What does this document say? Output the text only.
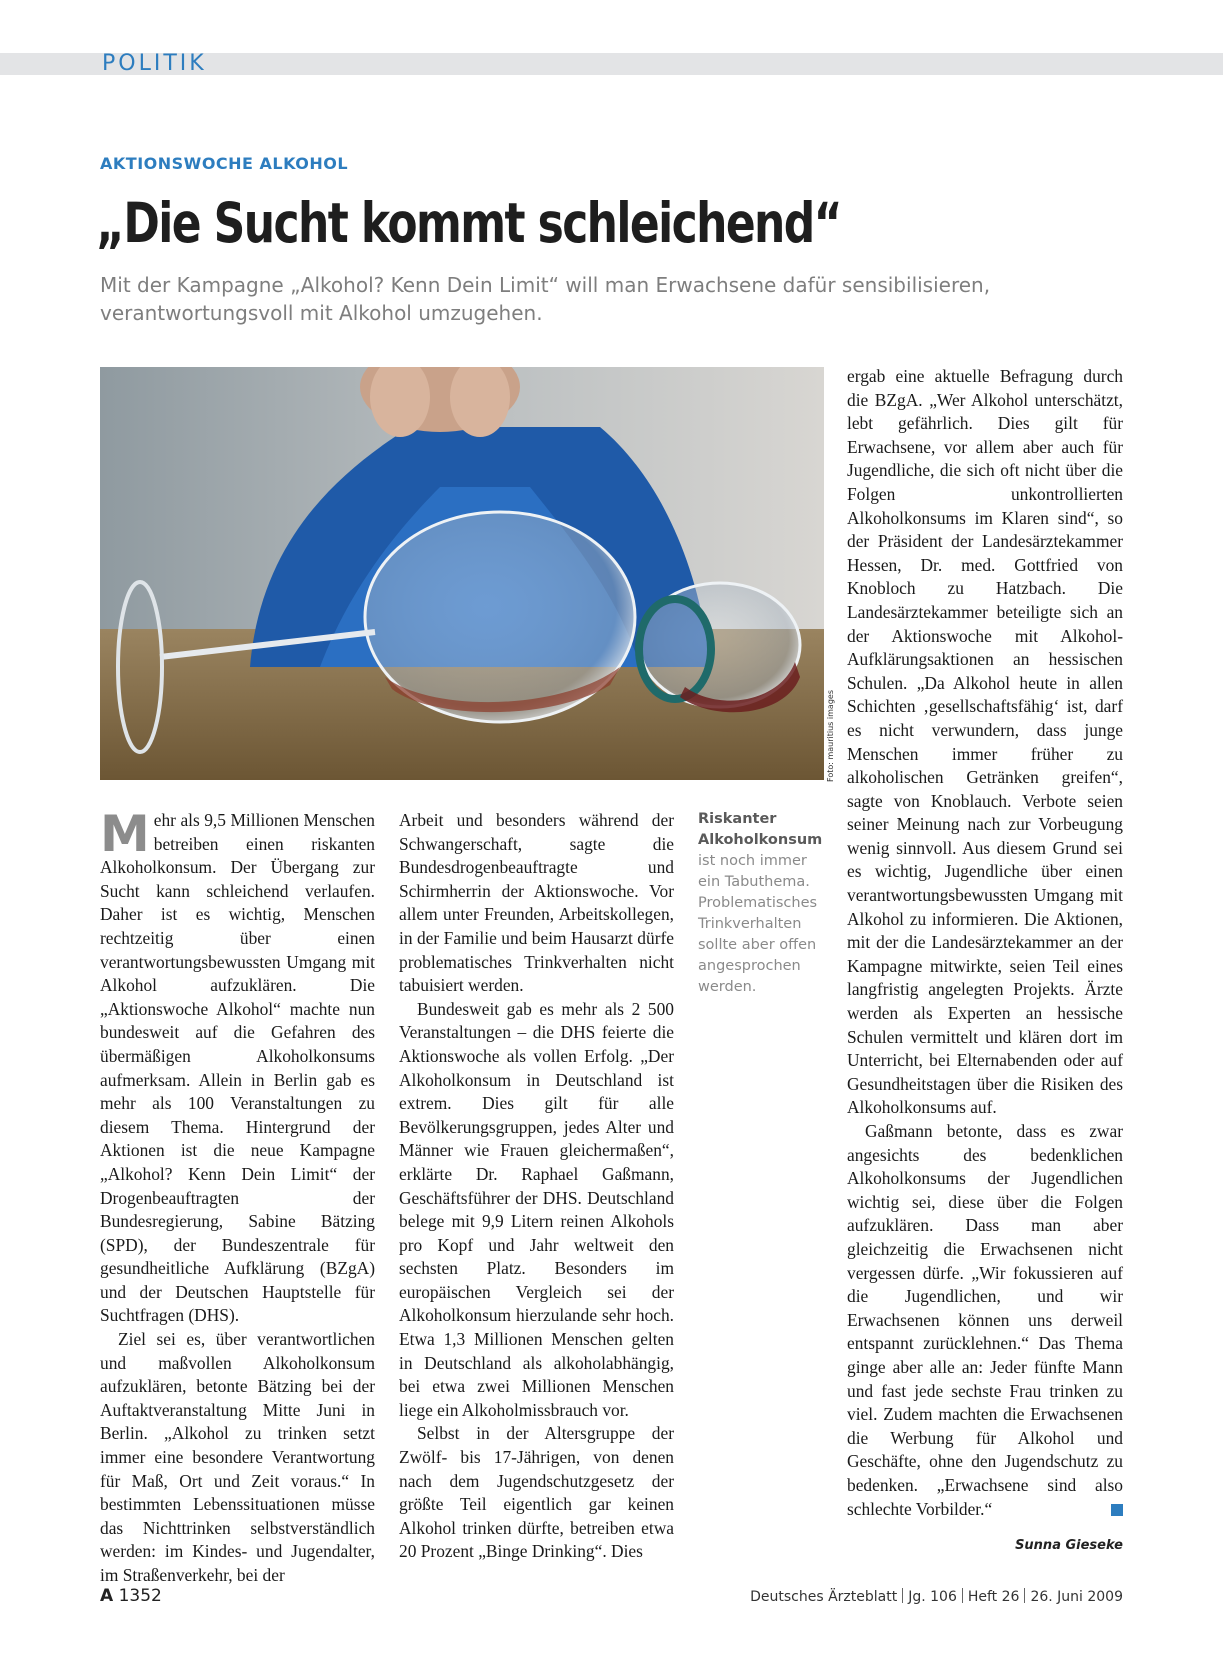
POLITIK
AKTIONSWOCHE ALKOHOL
„Die Sucht kommt schleichend“
Mit der Kampagne „Alkohol? Kenn Dein Limit“ will man Erwachsene dafür sensibilisieren, verantwortungsvoll mit Alkohol umzugehen.
Foto: mauritius images

Mehr als 9,5 Millionen Menschen betreiben einen riskanten Alkoholkonsum. Der Übergang zur Sucht kann schleichend verlaufen. Daher ist es wichtig, Menschen rechtzeitig über einen verantwortungsbewussten Umgang mit Alkohol aufzuklären. Die „Aktionswoche Alkohol“ machte nun bundesweit auf die Gefahren des übermäßigen Alkoholkonsums aufmerksam. Allein in Berlin gab es mehr als 100 Veranstaltungen zu diesem Thema. Hintergrund der Aktionen ist die neue Kampagne „Alkohol? Kenn Dein Limit“ der Drogenbeauftragten der Bundesregierung, Sabine Bätzing (SPD), der Bundeszentrale für gesundheitliche Aufklärung (BZgA) und der Deutschen Hauptstelle für Suchtfragen (DHS).

Ziel sei es, über verantwortlichen und maßvollen Alkoholkonsum aufzuklären, betonte Bätzing bei der Auftaktveranstaltung Mitte Juni in Berlin. „Alkohol zu trinken setzt immer eine besondere Verantwortung für Maß, Ort und Zeit voraus.“ In bestimmten Lebenssituationen müsse das Nichttrinken selbstverständlich werden: im Kindes- und Jugendalter, im Straßenverkehr, bei der

Arbeit und besonders während der Schwangerschaft, sagte die Bundesdrogenbeauftragte und Schirmherrin der Aktionswoche. Vor allem unter Freunden, Arbeitskollegen, in der Familie und beim Hausarzt dürfe problematisches Trinkverhalten nicht tabuisiert werden.

Bundesweit gab es mehr als 2 500 Veranstaltungen – die DHS feierte die Aktionswoche als vollen Erfolg. „Der Alkoholkonsum in Deutschland ist extrem. Dies gilt für alle Bevölkerungsgruppen, jedes Alter und Männer wie Frauen gleichermaßen“, erklärte Dr. Raphael Gaßmann, Geschäftsführer der DHS. Deutschland belege mit 9,9 Litern reinen Alkohols pro Kopf und Jahr weltweit den sechsten Platz. Besonders im europäischen Vergleich sei der Alkoholkonsum hierzulande sehr hoch. Etwa 1,3 Millionen Menschen gelten in Deutschland als alkoholabhängig, bei etwa zwei Millionen Menschen liege ein Alkoholmissbrauch vor.

Selbst in der Altersgruppe der Zwölf- bis 17-Jährigen, von denen nach dem Jugendschutzgesetz der größte Teil eigentlich gar keinen Alkohol trinken dürfte, betreiben etwa 20 Prozent „Binge Drinking“. Dies

Riskanter Alkoholkonsum
ist noch immer ein Tabuthema. Problematisches Trinkverhalten sollte aber offen angesprochen werden.

ergab eine aktuelle Befragung durch die BZgA. „Wer Alkohol unterschätzt, lebt gefährlich. Dies gilt für Erwachsene, vor allem aber auch für Jugendliche, die sich oft nicht über die Folgen unkontrollierten Alkoholkonsums im Klaren sind“, so der Präsident der Landesärztekammer Hessen, Dr. med. Gottfried von Knobloch zu Hatzbach. Die Landesärztekammer beteiligte sich an der Aktionswoche mit Alkohol-Aufklärungsaktionen an hessischen Schulen. „Da Alkohol heute in allen Schichten ‚gesellschaftsfähig‘ ist, darf es nicht verwundern, dass junge Menschen immer früher zu alkoholischen Getränken greifen“, sagte von Knoblauch. Verbote seien seiner Meinung nach zur Vorbeugung wenig sinnvoll. Aus diesem Grund sei es wichtig, Jugendliche über einen verantwortungsbewussten Umgang mit Alkohol zu informieren. Die Aktionen, mit der die Landesärztekammer an der Kampagne mitwirkte, seien Teil eines langfristig angelegten Projekts. Ärzte werden als Experten an hessische Schulen vermittelt und klären dort im Unterricht, bei Elternabenden oder auf Gesundheitstagen über die Risiken des Alkoholkonsums auf.

Gaßmann betonte, dass es zwar angesichts des bedenklichen Alkoholkonsums der Jugendlichen wichtig sei, diese über die Folgen aufzuklären. Dass man aber gleichzeitig die Erwachsenen nicht vergessen dürfe. „Wir fokussieren auf die Jugendlichen, und wir Erwachsenen können uns derweil entspannt zurücklehnen.“ Das Thema ginge aber alle an: Jeder fünfte Mann und fast jede sechste Frau trinken zu viel. Zudem machten die Erwachsenen die Werbung für Alkohol und Geschäfte, ohne den Jugendschutz zu bedenken. „Erwachsene sind also schlechte Vorbilder.“

Sunna Gieseke
A 1352	Deutsches Ärzteblatt Jg. 106 Heft 26 26. Juni 2009
